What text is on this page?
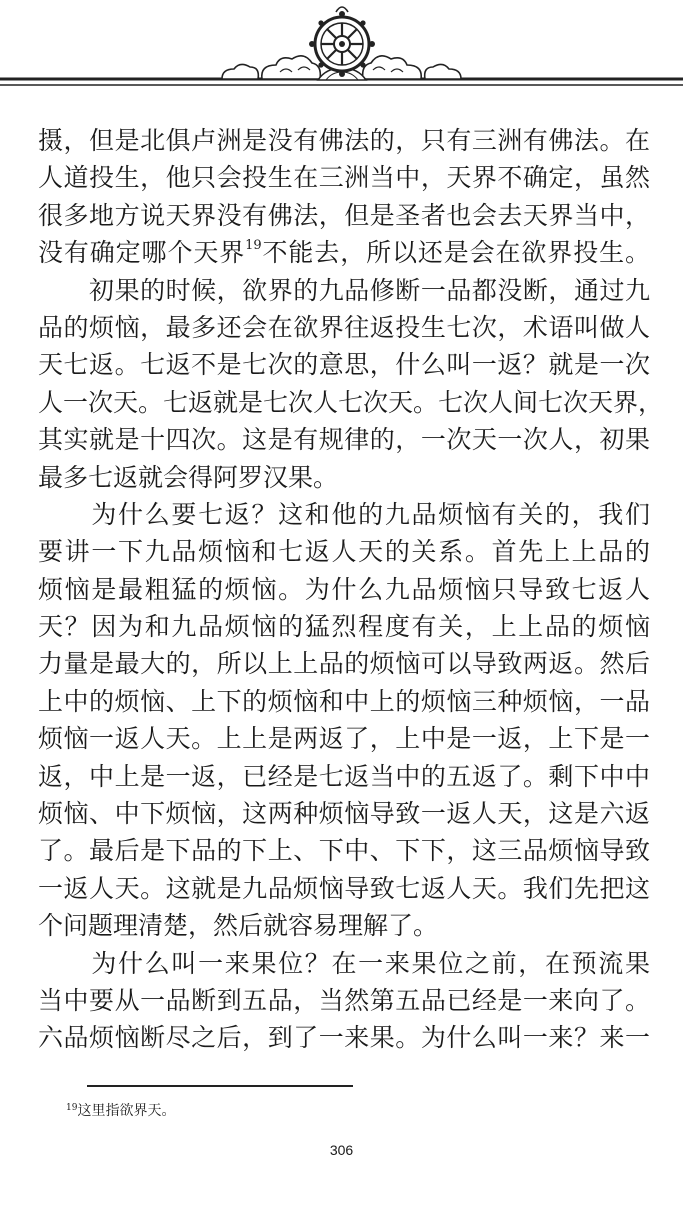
摄，但是北俱卢洲是没有佛法的，只有三洲有佛法。在
人道投生，他只会投生在三洲当中，天界不确定，虽然
很多地方说天界没有佛法，但是圣者也会去天界当中，
没有确定哪个天界$^{19}$不能去，所以还是会在欲界投生。
　　初果的时候，欲界的九品修断一品都没断，通过九
品的烦恼，最多还会在欲界往返投生七次，术语叫做人
天七返。七返不是七次的意思，什么叫一返？就是一次
人一次天。七返就是七次人七次天。七次人间七次天界，
其实就是十四次。这是有规律的，一次天一次人，初果
最多七返就会得阿罗汉果。
　　为什么要七返？这和他的九品烦恼有关的，我们
要讲一下九品烦恼和七返人天的关系。首先上上品的
烦恼是最粗猛的烦恼。为什么九品烦恼只导致七返人
天？因为和九品烦恼的猛烈程度有关，上上品的烦恼
力量是最大的，所以上上品的烦恼可以导致两返。然后
上中的烦恼、上下的烦恼和中上的烦恼三种烦恼，一品
烦恼一返人天。上上是两返了，上中是一返，上下是一
返，中上是一返，已经是七返当中的五返了。剩下中中
烦恼、中下烦恼，这两种烦恼导致一返人天，这是六返
了。最后是下品的下上、下中、下下，这三品烦恼导致
一返人天。这就是九品烦恼导致七返人天。我们先把这
个问题理清楚，然后就容易理解了。
　　为什么叫一来果位？在一来果位之前，在预流果
当中要从一品断到五品，当然第五品已经是一来向了。
六品烦恼断尽之后，到了一来果。为什么叫一来？来一
$^{19}$这里指欲界天。
306
